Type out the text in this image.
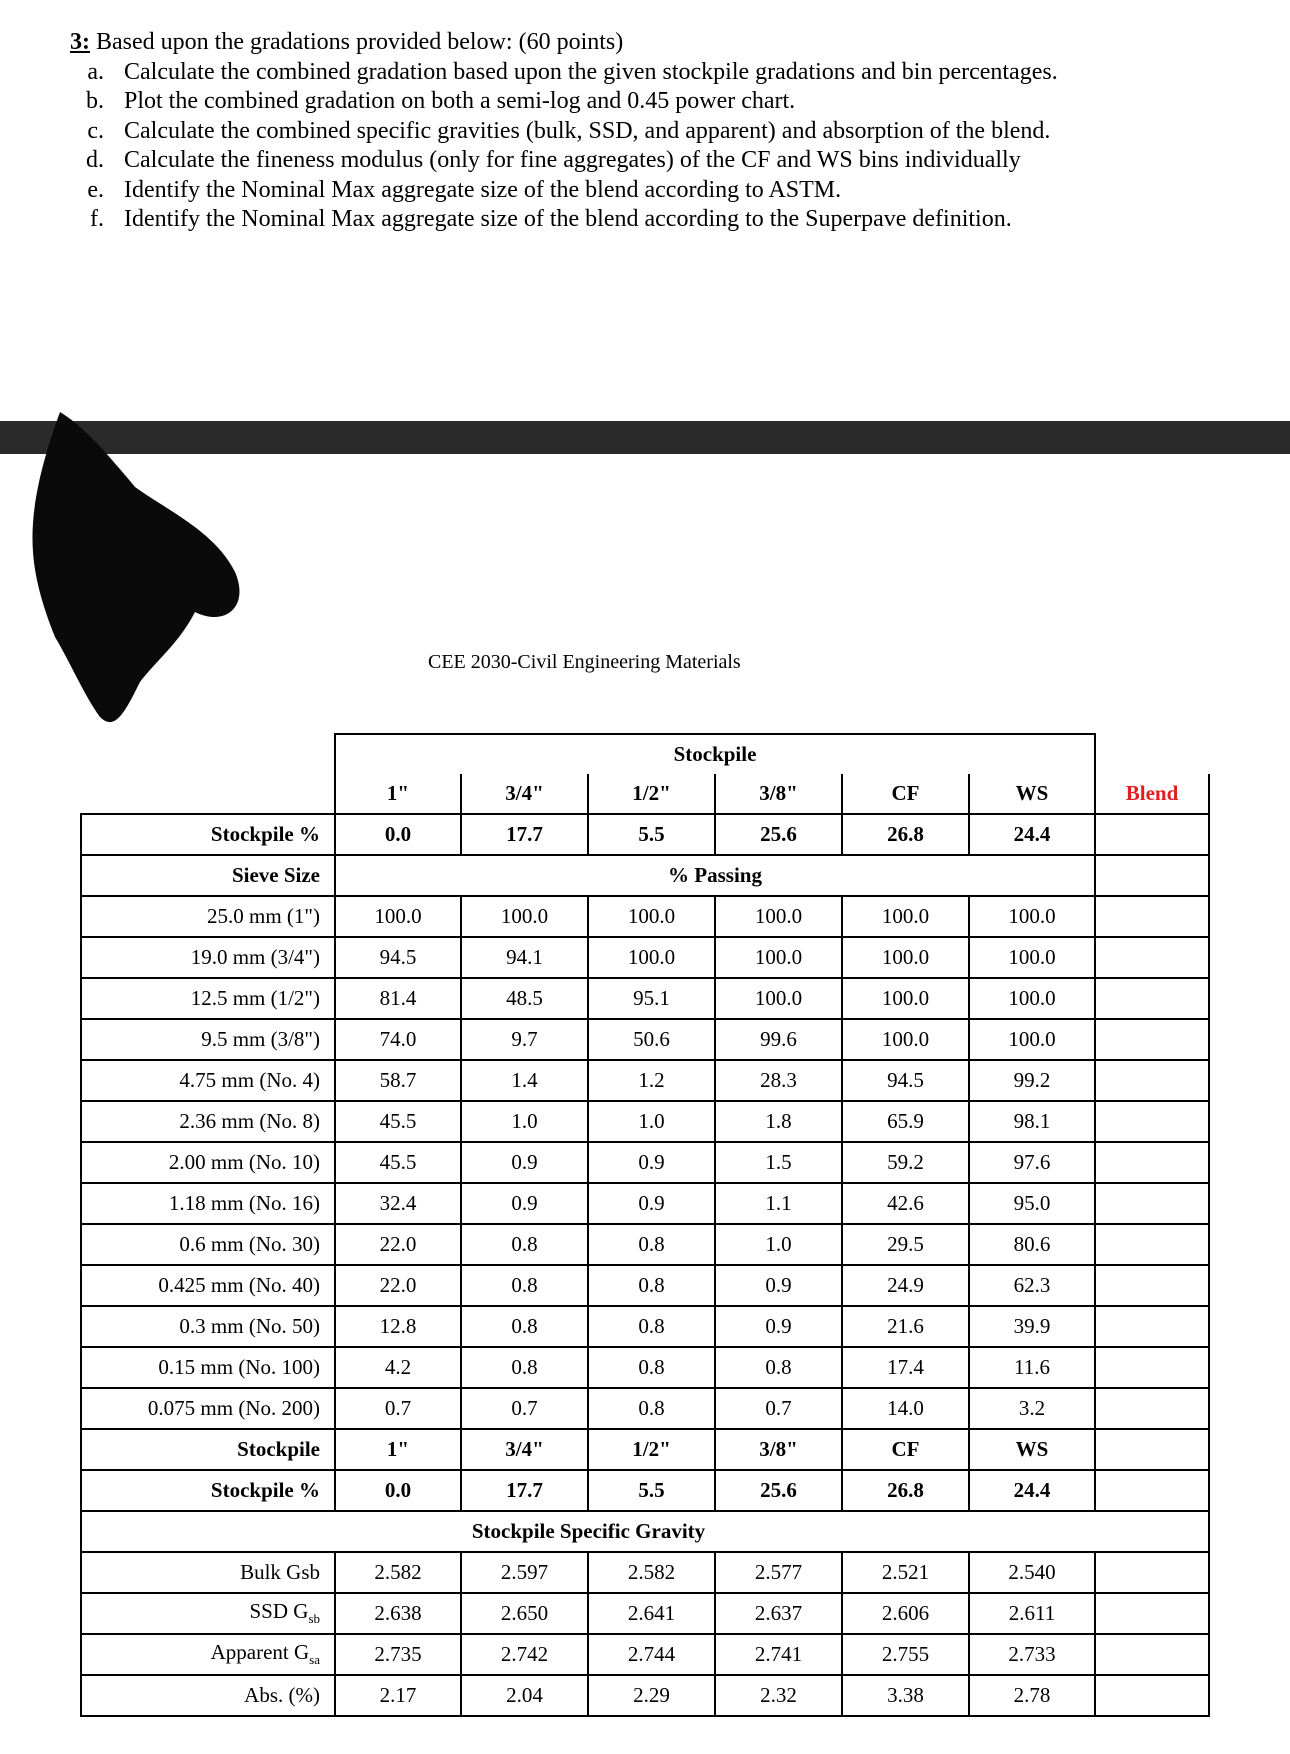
3: Based upon the gradations provided below: (60 points)
a. Calculate the combined gradation based upon the given stockpile gradations and bin percentages.
b. Plot the combined gradation on both a semi-log and 0.45 power chart.
c. Calculate the combined specific gravities (bulk, SSD, and apparent) and absorption of the blend.
d. Calculate the fineness modulus (only for fine aggregates) of the CF and WS bins individually
e. Identify the Nominal Max aggregate size of the blend according to ASTM.
f. Identify the Nominal Max aggregate size of the blend according to the Superpave definition.
CEE 2030-Civil Engineering Materials
	Stockpile						
	1"	3/4"	1/2"	3/8"	CF	WS	Blend
Stockpile %	0.0	17.7	5.5	25.6	26.8	24.4	
Sieve Size	% Passing						
25.0 mm (1")	100.0	100.0	100.0	100.0	100.0	100.0	
19.0 mm (3/4")	94.5	94.1	100.0	100.0	100.0	100.0	
12.5 mm (1/2")	81.4	48.5	95.1	100.0	100.0	100.0	
9.5 mm (3/8")	74.0	9.7	50.6	99.6	100.0	100.0	
4.75 mm (No. 4)	58.7	1.4	1.2	28.3	94.5	99.2	
2.36 mm (No. 8)	45.5	1.0	1.0	1.8	65.9	98.1	
2.00 mm (No. 10)	45.5	0.9	0.9	1.5	59.2	97.6	
1.18 mm (No. 16)	32.4	0.9	0.9	1.1	42.6	95.0	
0.6 mm (No. 30)	22.0	0.8	0.8	1.0	29.5	80.6	
0.425 mm (No. 40)	22.0	0.8	0.8	0.9	24.9	62.3	
0.3 mm (No. 50)	12.8	0.8	0.8	0.9	21.6	39.9	
0.15 mm (No. 100)	4.2	0.8	0.8	0.8	17.4	11.6	
0.075 mm (No. 200)	0.7	0.7	0.8	0.7	14.0	3.2	
Stockpile	1"	3/4"	1/2"	3/8"	CF	WS	
Stockpile %	0.0	17.7	5.5	25.6	26.8	24.4	
	Stockpile Specific Gravity						
Bulk Gsb	2.582	2.597	2.582	2.577	2.521	2.540	
SSD $G_{sb}$	2.638	2.650	2.641	2.637	2.606	2.611	
Apparent $G_{sa}$	2.735	2.742	2.744	2.741	2.755	2.733	
Abs. (%)	2.17	2.04	2.29	2.32	3.38	2.78	
